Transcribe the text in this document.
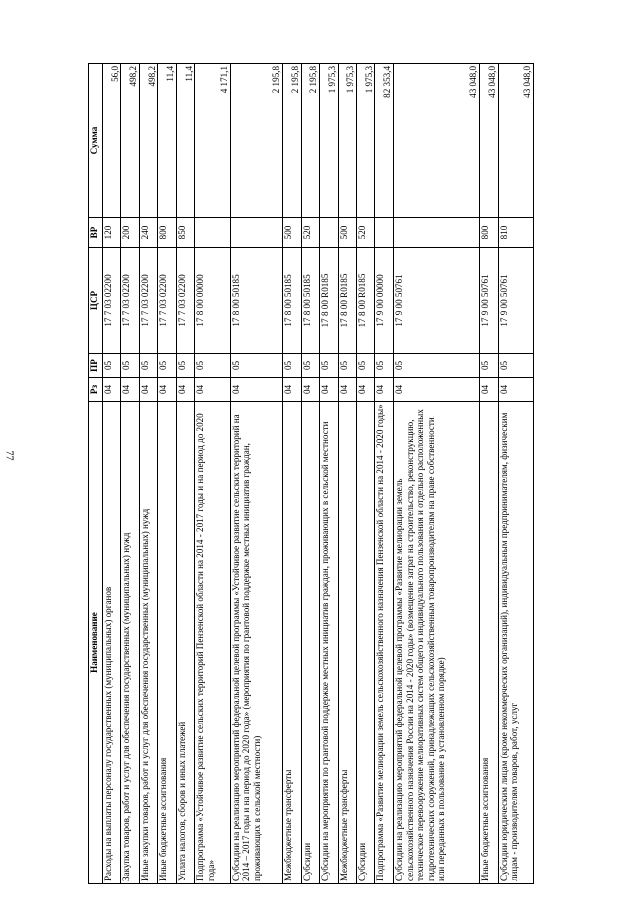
77
Наименование	Рз	ПР	ЦСР	ВР	Сумма
Расходы на выплаты персоналу государственных (муниципальных) органов	04	05	17 7 03 02200	120	56,0
Закупка товаров, работ и услуг для обеспечения государственных (муниципальных) нужд	04	05	17 7 03 02200	200	498,2
Иные закупки товаров, работ и услуг для обеспечения государственных (муниципальных) нужд	04	05	17 7 03 02200	240	498,2
Иные бюджетные ассигнования	04	05	17 7 03 02200	800	11,4
Уплата налогов, сборов и иных платежей	04	05	17 7 03 02200	850	11,4
Подпрограмма «Устойчивое развитие сельских территорий Пензенской области на 2014 - 2017 годы и на период до 2020 года»	04	05	17 8 00 00000		4 171,1
Субсидии на реализацию мероприятий федеральной целевой программы «Устойчивое развитие сельских территорий на 2014 – 2017 годы и на период до 2020 года» (мероприятия по грантовой поддержке местных инициатив граждан, проживающих в сельской местности)	04	05	17 8 00 50185		2 195,8
Межбюджетные трансферты	04	05	17 8 00 50185	500	2 195,8
Субсидии	04	05	17 8 00 50185	520	2 195,8
Субсидии на мероприятия по грантовой поддержке местных инициатив граждан, проживающих в сельской местности	04	05	17 8 00 R0185		1 975,3
Межбюджетные трансферты	04	05	17 8 00 R0185	500	1 975,3
Субсидии	04	05	17 8 00 R0185	520	1 975,3
Подпрограмма «Развитие мелиорации земель сельскохозяйственного назначения Пензенской области на 2014 - 2020 годы»	04	05	17 9 00 00000		82 353,4
Субсидии на реализацию мероприятий федеральной целевой программы «Развитие мелиорации земель сельскохозяйственного назначения России на 2014 - 2020 годы» (возмещение затрат на строительство, реконструкцию, техническое перевооружение мелиоративных систем общего и индивидуального пользования и отдельно расположенных гидротехнических сооружений, принадлежащих сельскохозяйственным товаропроизводителям на праве собственности или переданных в пользование в установленном порядке)	04	05	17 9 00 50761		43 048,0
Иные бюджетные ассигнования	04	05	17 9 00 50761	800	43 048,0
Субсидии юридическим лицам (кроме некоммерческих организаций), индивидуальным предпринимателям, физическим лицам - производителям товаров, работ, услуг	04	05	17 9 00 50761	810	43 048,0
